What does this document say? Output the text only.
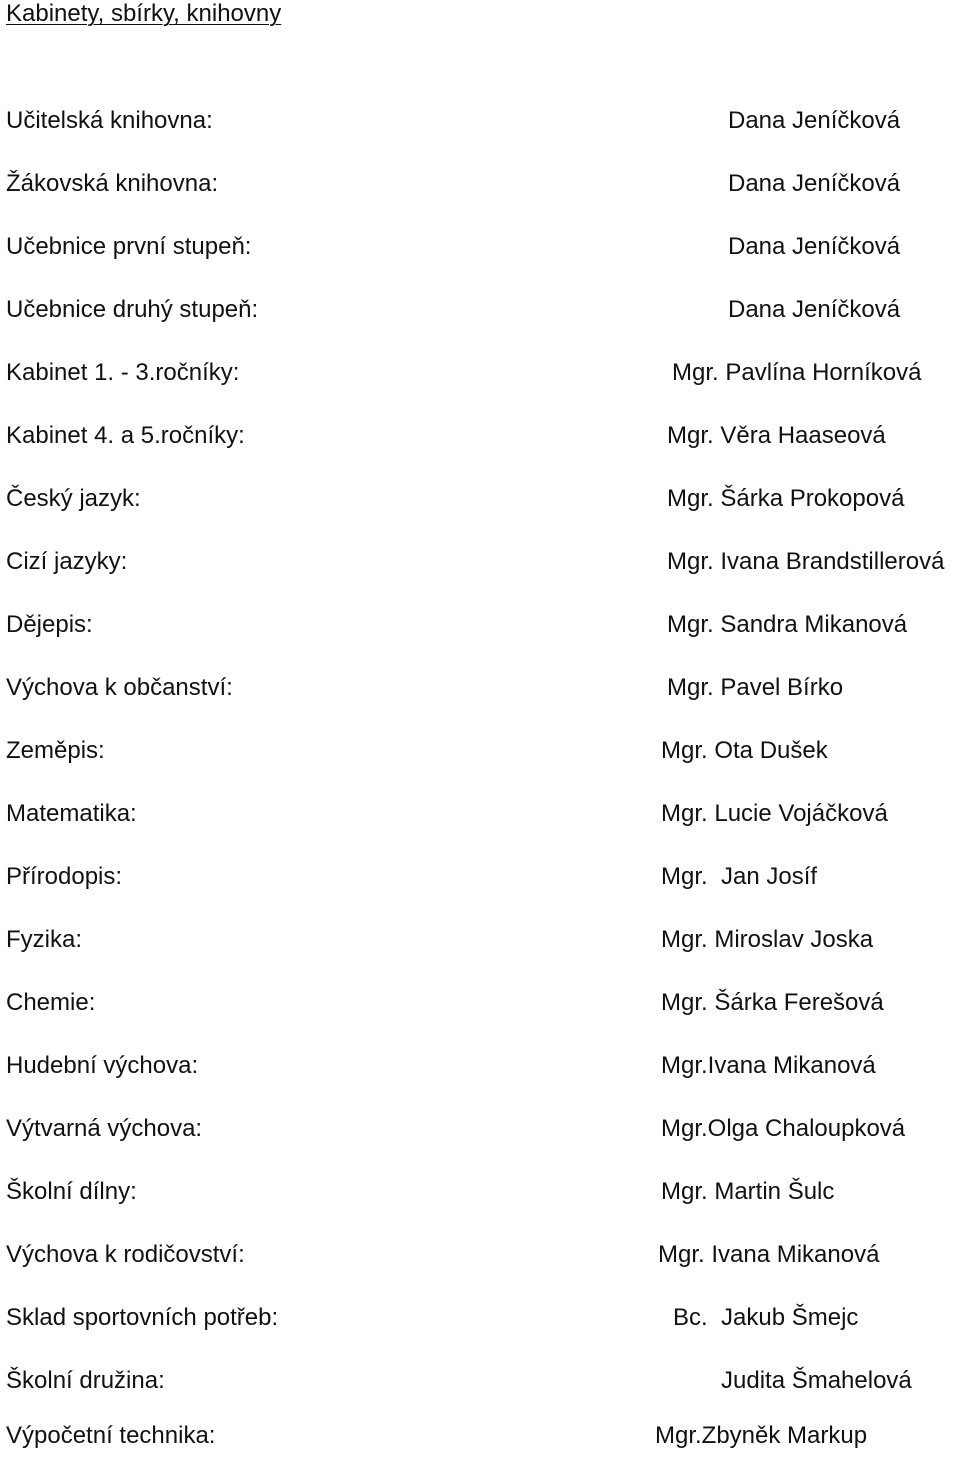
Kabinety, sbírky, knihovny
Učitelská knihovna:	Dana Jeníčková
Žákovská knihovna:	Dana Jeníčková
Učebnice první stupeň:	Dana Jeníčková
Učebnice druhý stupeň:	Dana Jeníčková
Kabinet 1. - 3.ročníky:	Mgr. Pavlína Horníková
Kabinet 4. a 5.ročníky:	Mgr. Věra Haaseová
Český jazyk:	Mgr. Šárka Prokopová
Cizí jazyky:	Mgr. Ivana Brandstillerová
Dějepis:	Mgr. Sandra Mikanová
Výchova k občanství:	Mgr. Pavel Bírko
Zeměpis:	Mgr. Ota Dušek
Matematika:	Mgr. Lucie Vojáčková
Přírodopis:	Mgr.  Jan Josíf
Fyzika:	Mgr. Miroslav Joska
Chemie:	Mgr. Šárka Ferešová
Hudební výchova:	Mgr.Ivana Mikanová
Výtvarná výchova:	Mgr.Olga Chaloupková
Školní dílny:	Mgr. Martin Šulc
Výchova k rodičovství:	Mgr. Ivana Mikanová
Sklad sportovních potřeb:	Bc.  Jakub Šmejc
Školní družina:	Judita Šmahelová
Výpočetní technika:	Mgr.Zbyněk Markup
